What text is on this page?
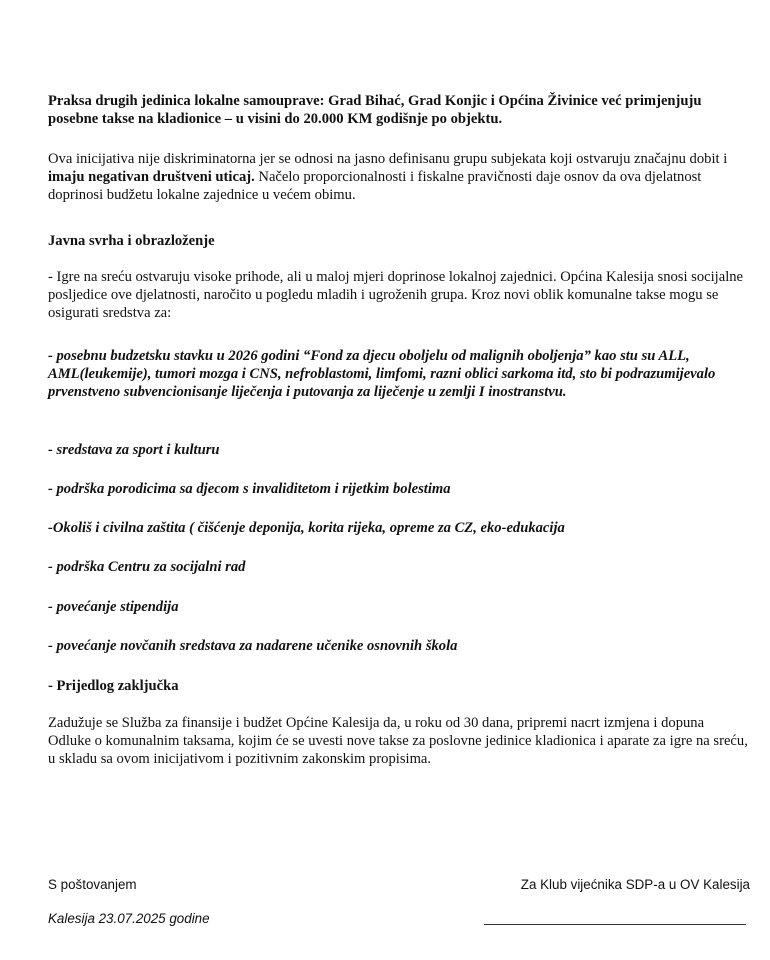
Praksa drugih jedinica lokalne samouprave: Grad Bihać, Grad Konjic i Općina Živinice već primjenjuju posebne takse na kladionice – u visini do 20.000 KM godišnje po objektu.

Ova inicijativa nije diskriminatorna jer se odnosi na jasno definisanu grupu subjekata koji ostvaruju značajnu dobit i imaju negativan društveni uticaj. Načelo proporcionalnosti i fiskalne pravičnosti daje osnov da ova djelatnost doprinosi budžetu lokalne zajednice u većem obimu.

Javna svrha i obrazloženje

- Igre na sreću ostvaruju visoke prihode, ali u maloj mjeri doprinose lokalnoj zajednici. Općina Kalesija snosi socijalne posljedice ove djelatnosti, naročito u pogledu mladih i ugroženih grupa. Kroz novi oblik komunalne takse mogu se osigurati sredstva za:

- posebnu budzetsku stavku u 2026 godini “Fond za djecu oboljelu od malignih oboljenja” kao stu su ALL, AML(leukemije), tumori mozga i CNS, nefroblastomi, limfomi, razni oblici sarkoma itd, sto bi podrazumijevalo prvenstveno subvencionisanje liječenja i putovanja za liječenje u zemlji I inostranstvu.

- sredstava za sport i kulturu

- podrška porodicima sa djecom s invaliditetom i rijetkim bolestima

-Okoliš i civilna zaštita ( čišćenje deponija, korita rijeka, opreme za CZ, eko-edukacija

- podrška Centru za socijalni rad

- povećanje stipendija

- povećanje novčanih sredstava za nadarene učenike osnovnih škola

- Prijedlog zaključka

Zadužuje se Služba za finansije i budžet Općine Kalesija da, u roku od 30 dana, pripremi nacrt izmjena i dopuna Odluke o komunalnim taksama, kojim će se uvesti nove takse za poslovne jedinice kladionica i aparate za igre na sreću, u skladu sa ovom inicijativom i pozitivnim zakonskim propisima.

S poštovanjem
Kalesija 23.07.2025 godine
Za Klub vijećnika SDP-a u OV Kalesija
